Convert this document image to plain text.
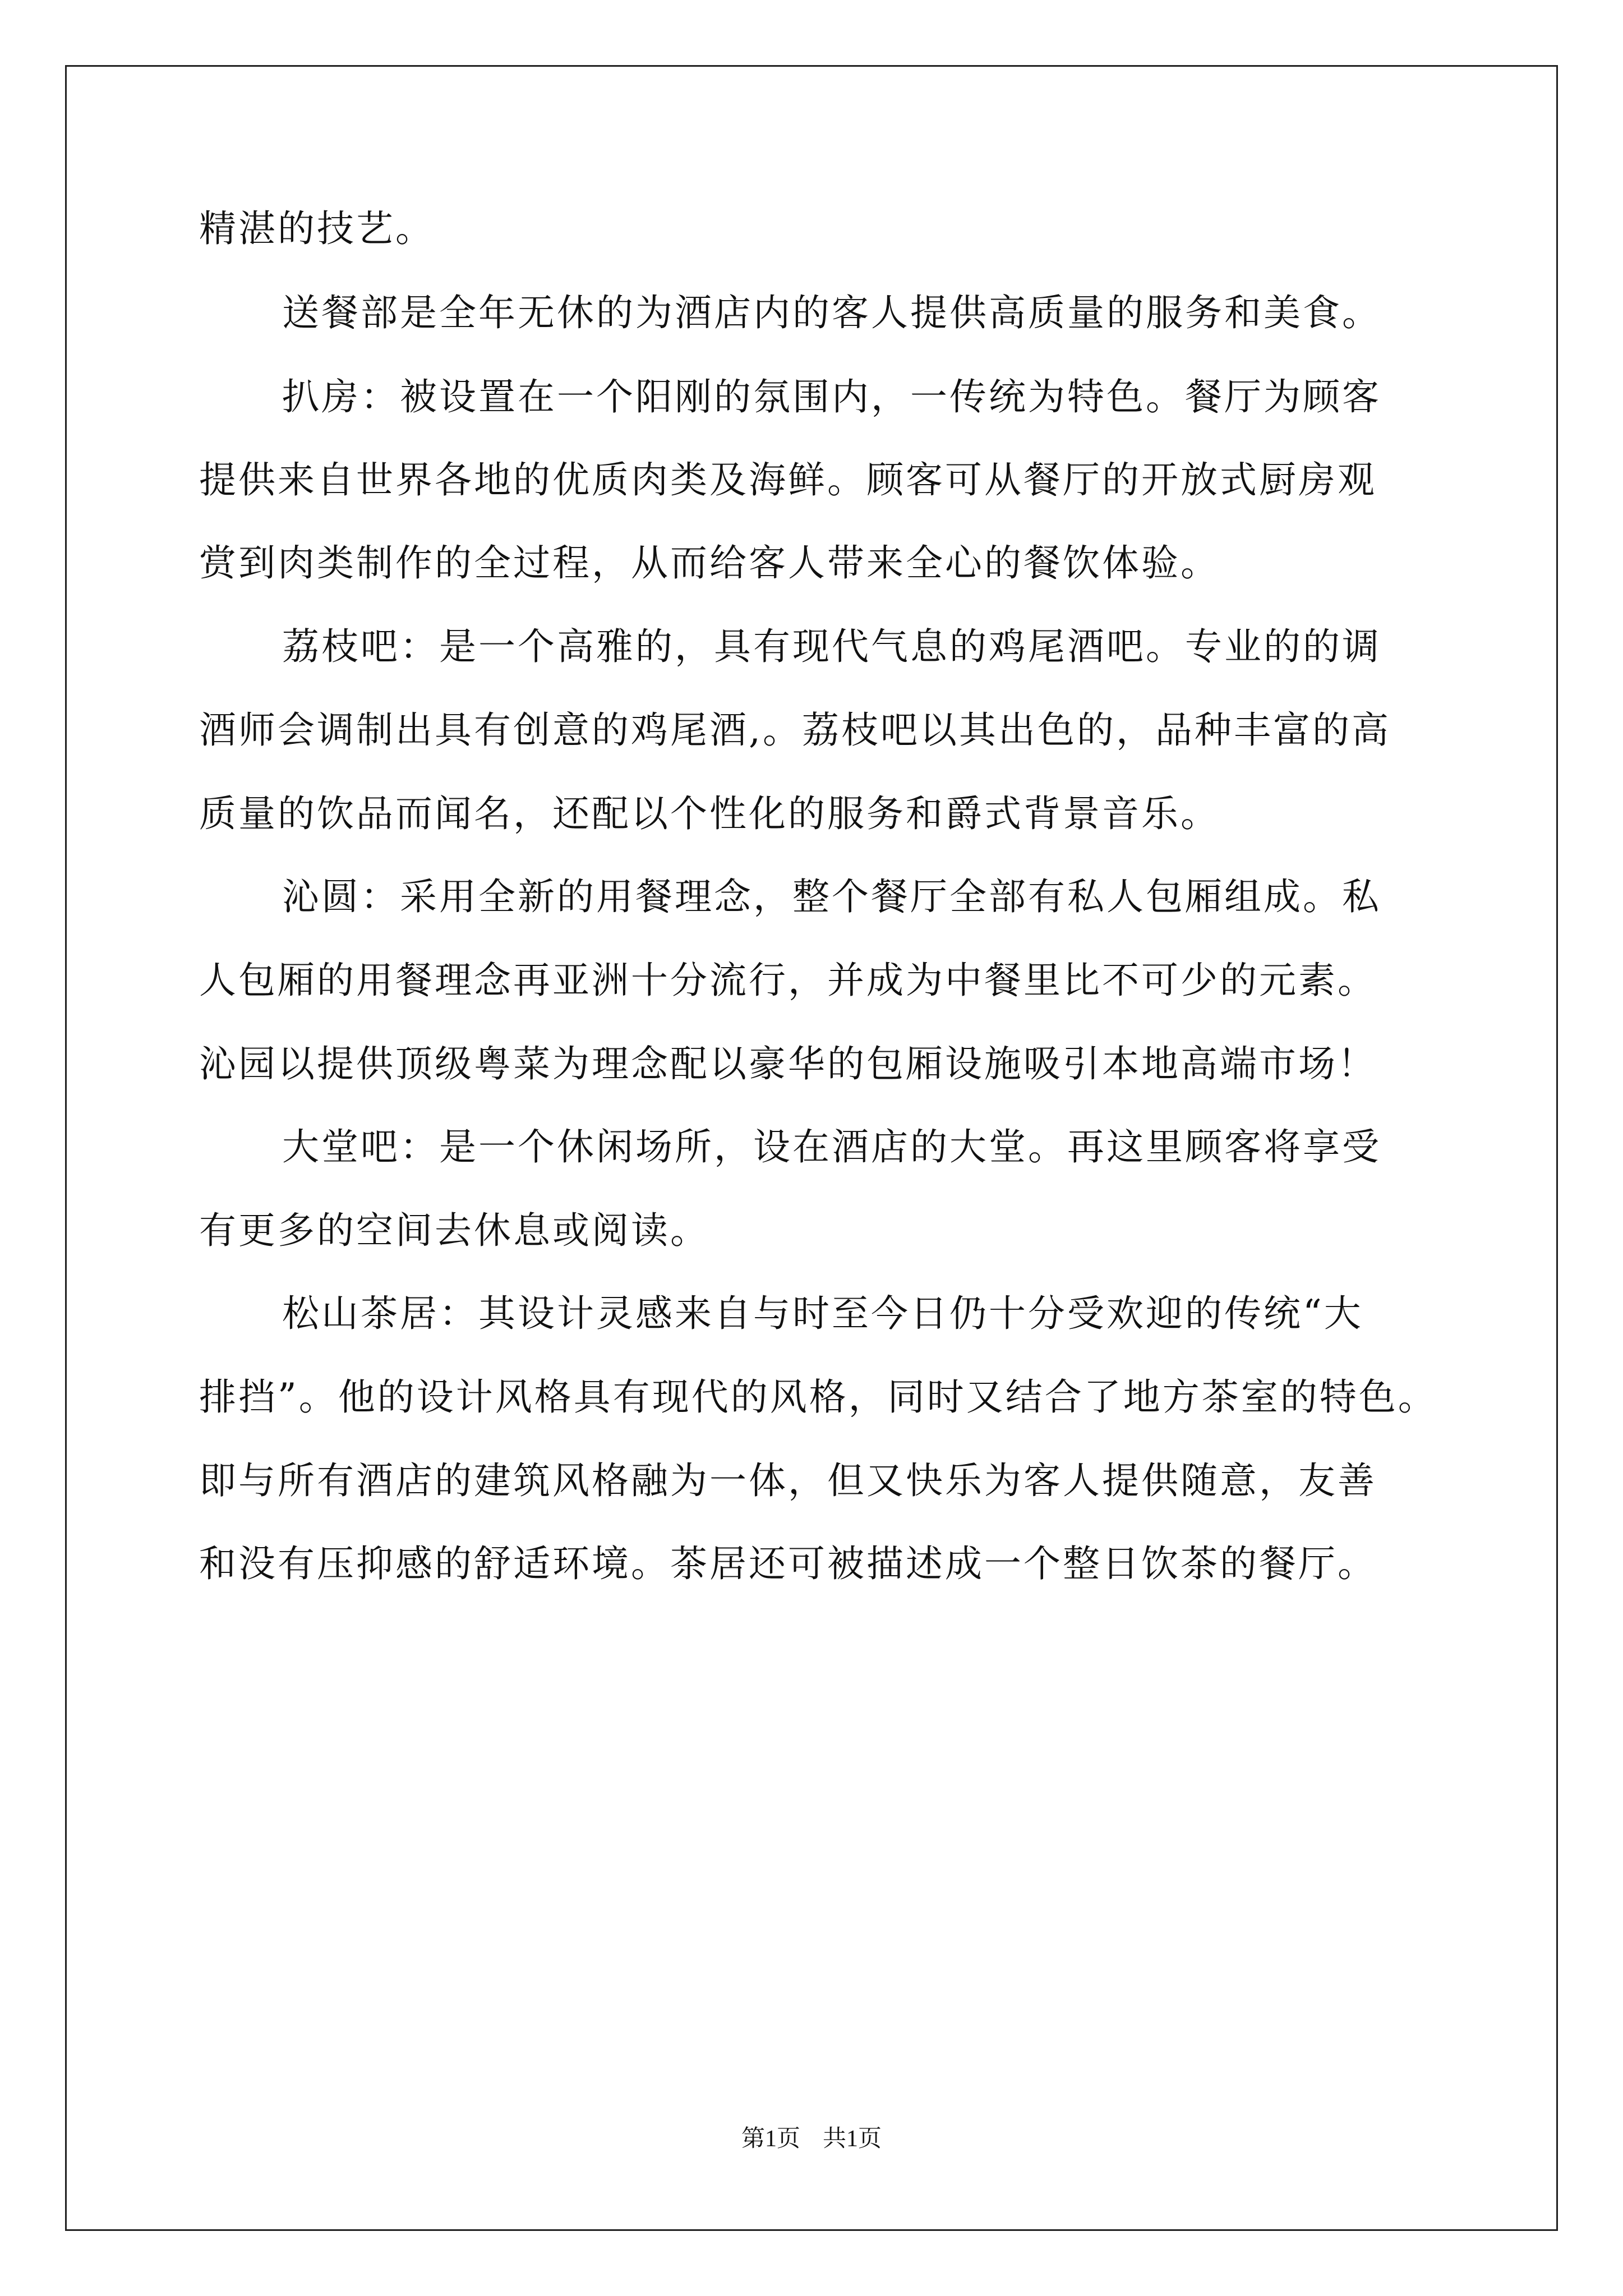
精湛的技艺。
送餐部是全年无休的为酒店内的客人提供高质量的服务和美食。
扒房：被设置在一个阳刚的氛围内，一传统为特色。餐厅为顾客
提供来自世界各地的优质肉类及海鲜。顾客可从餐厅的开放式厨房观
赏到肉类制作的全过程，从而给客人带来全心的餐饮体验。
荔枝吧：是一个高雅的，具有现代气息的鸡尾酒吧。专业的的调
酒师会调制出具有创意的鸡尾酒,。荔枝吧以其出色的，品种丰富的高
质量的饮品而闻名，还配以个性化的服务和爵式背景音乐。
沁圆：采用全新的用餐理念，整个餐厅全部有私人包厢组成。私
人包厢的用餐理念再亚洲十分流行，并成为中餐里比不可少的元素。
沁园以提供顶级粤菜为理念配以豪华的包厢设施吸引本地高端市场！
大堂吧：是一个休闲场所，设在酒店的大堂。再这里顾客将享受
有更多的空间去休息或阅读。
松山茶居：其设计灵感来自与时至今日仍十分受欢迎的传统“大
排挡”。他的设计风格具有现代的风格，同时又结合了地方茶室的特色。
即与所有酒店的建筑风格融为一体，但又快乐为客人提供随意，友善
和没有压抑感的舒适环境。茶居还可被描述成一个整日饮茶的餐厅。
第1页 共1页
